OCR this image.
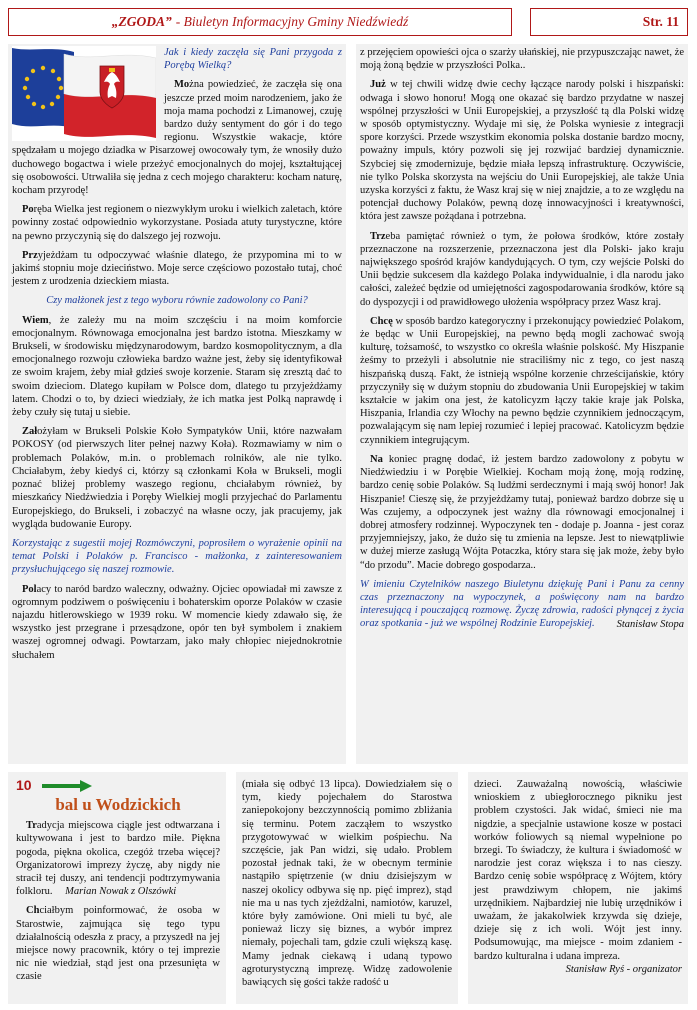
„ZGODA” - Biuletyn Informacyjny Gminy Niedźwiedź	Str. 11

Jak i kiedy zaczęła się Pani przygoda z Porębą Wielką?

Można powiedzieć, że zaczęła się ona jeszcze przed moim narodzeniem, jako że moja mama pochodzi z Limanowej, czuję bardzo duży sentyment do gór i do tego regionu. Wszystkie wakacje, które spędzałam u mojego dziadka w Pisarzowej owocowały tym, że wnosiły dużo duchowego bogactwa i wiele przeżyć emocjonalnych do mojej, kształtującej się osobowości. Utrwaliła się jedna z cech mojego charakteru: kocham naturę, kocham przyrodę!

Poręba Wielka jest regionem o niezwykłym uroku i wielkich zaletach, które powinny zostać odpowiednio wykorzystane. Posiada atuty turystyczne, które na pewno przyczynią się do dalszego jej rozwoju.

Przyjeżdżam tu odpoczywać właśnie dlatego, że przypomina mi to w jakimś stopniu moje dzieciństwo. Moje serce częściowo pozostało tutaj, choć jestem z urodzenia dzieckiem miasta.

Czy małżonek jest z tego wyboru równie zadowolony co Pani?

Wiem, że zależy mu na moim szczęściu i na moim komforcie emocjonalnym. Równowaga emocjonalna jest bardzo istotna. Mieszkamy w Brukseli, w środowisku międzynarodowym, bardzo kosmopolitycznym, a dla emocjonalnego rozwoju człowieka bardzo ważne jest, żeby się identyfikował ze swoim krajem, żeby miał gdzieś swoje korzenie. Staram się zresztą dać to swoim dzieciom. Dlatego kupiłam w Polsce dom, dlatego tu przyjeżdżamy latem. Chodzi o to, by dzieci wiedziały, że ich matka jest Polką naprawdę i żeby czuły się tutaj u siebie.

Założyłam w Brukseli Polskie Koło Sympatyków Unii, które nazwałam POKOSY (od pierwszych liter pełnej nazwy Koła). Rozmawiamy w nim o problemach Polaków, m.in. o problemach rolników, ale nie tylko. Chciałabym, żeby kiedyś ci, którzy są członkami Koła w Brukseli, mogli poznać bliżej problemy waszego regionu, chciałabym również, by mieszkańcy Niedźwiedzia i Poręby Wielkiej mogli przyjechać do Parlamentu Europejskiego, do Brukseli, i zobaczyć na własne oczy, jak pracujemy, jak wygląda budowanie Europy.

Korzystając z sugestii mojej Rozmówczyni, poprosiłem o wyrażenie opinii na temat Polski i Polaków p. Francisco - małżonka, z zainteresowaniem przysłuchującego się naszej rozmowie.

Polacy to naród bardzo waleczny, odważny. Ojciec opowiadał mi zawsze z ogromnym podziwem o poświęceniu i bohaterskim oporze Polaków w czasie najazdu hitlerowskiego w 1939 roku. W momencie kiedy zdawało się, że wszystko jest przegrane i przesądzone, opór ten był symbolem i znakiem waszej ogromnej odwagi. Powtarzam, jako mały chłopiec niejednokrotnie słuchałem

z przejęciem opowieści ojca o szarży ułańskiej, nie przypuszczając nawet, że moją żoną będzie w przyszłości Polka..

Już w tej chwili widzę dwie cechy łączące narody polski i hiszpański: odwaga i słowo honoru! Mogą one okazać się bardzo przydatne w naszej wspólnej przyszłości w Unii Europejskiej, a przyszłość tą dla Polski widzę w sposób optymistyczny. Wydaje mi się, że Polska wyniesie z integracji spore korzyści. Przede wszystkim ekonomia polska dostanie bardzo mocny, poważny impuls, który pozwoli się jej rozwijać bardziej dynamicznie. Szybciej się zmodernizuje, będzie miała lepszą infrastrukturę. Oczywiście, nie tylko Polska skorzysta na wejściu do Unii Europejskiej, ale także Unia uzyska korzyści z faktu, że Wasz kraj się w niej znajdzie, a to ze względu na potencjał duchowy Polaków, pewną dozę innowacyjności i kreatywności, która jest zawsze pożądana i potrzebna.

Trzeba pamiętać również o tym, że połowa środków, które zostały przeznaczone na rozszerzenie, przeznaczona jest dla Polski- jako kraju największego spośród krajów kandydujących. O tym, czy wejście Polski do Unii będzie sukcesem dla każdego Polaka indywidualnie, i dla narodu jako całości, zależeć będzie od umiejętności zagospodarowania środków, które są do dyspozycji i od prawidłowego ułożenia współpracy przez Wasz kraj.

Chcę w sposób bardzo kategoryczny i przekonujący powiedzieć Polakom, że będąc w Unii Europejskiej, na pewno będą mogli zachować swoją kulturę, tożsamość, to wszystko co określa właśnie polskość. My Hiszpanie żeśmy to przeżyli i absolutnie nie straciliśmy nic z tego, co jest naszą hiszpańską duszą. Fakt, że istnieją wspólne korzenie chrześcijańskie, który przyczyniły się w dużym stopniu do zbudowania Unii Europejskiej w takim kształcie w jakim ona jest, że katolicyzm łączy takie kraje jak Polska, Hiszpania, Irlandia czy Włochy na pewno będzie czynnikiem jednoczącym, pozwalającym się nam lepiej rozumieć i lepiej pracować. Katolicyzm będzie czynnikiem integrującym.

Na koniec pragnę dodać, iż jestem bardzo zadowolony z pobytu w Niedźwiedziu i w Porębie Wielkiej. Kocham moją żonę, moją rodzinę, bardzo cenię sobie Polaków. Są ludźmi serdecznymi i mają swój honor! Jak Hiszpanie! Cieszę się, że przyjeżdżamy tutaj, ponieważ bardzo dobrze się u Was czujemy, a odpoczynek jest ważny dla równowagi emocjonalnej i dobrej atmosfery rodzinnej. Wypoczynek ten - dodaje p. Joanna - jest coraz przyjemniejszy, jako, że dużo się tu zmienia na lepsze. Jest to niewątpliwie w dużej mierze zasługą Wójta Potaczka, który stara się jak może, żeby było “do przodu”. Macie dobrego gospodarza..

W imieniu Czytelników naszego Biuletynu dziękuję Pani i Panu za cenny czas przeznaczony na wypoczynek, a poświęcony nam na bardzo interesującą i pouczającą rozmowę. Życzę zdrowia, radości płynącej z życia oraz spotkania - już we wspólnej Rodzinie Europejskiej.	Stanisław Stopa
10
bal u Wodzickich

Tradycja miejscowa ciągle jest odtwarzana i kultywowana i jest to bardzo miłe. Piękna pogoda, piękna okolica, czegóż trzeba więcej? Organizatorowi imprezy życzę, aby nigdy nie stracił tej duszy, ani tendencji podtrzymywania folkloru. Marian Nowak z Olszówki

Chciałbym poinformować, że osoba w Starostwie, zajmująca się tego typu działalnością odeszła z pracy, a przyszedł na jej miejsce nowy pracownik, który o tej imprezie nic nie wiedział, stąd jest ona przesunięta w czasie

(miała się odbyć 13 lipca). Dowiedziałem się o tym, kiedy pojechałem do Starostwa zaniepokojony bezczynnością pomimo zbliżania się terminu. Potem zacząłem to wszystko przygotowywać w wielkim pośpiechu. Na szczęście, jak Pan widzi, się udało. Problem pozostał jednak taki, że w obecnym terminie nastąpiło spiętrzenie (w dniu dzisiejszym w naszej okolicy odbywa się np. pięć imprez), stąd nie ma u nas tych zjeżdżalni, namiotów, karuzel, które były zamówione. Oni mieli tu być, ale ponieważ liczy się biznes, a wybór imprez niemały, pojechali tam, gdzie czuli większą kasę. Mamy jednak ciekawą i udaną typowo agroturystyczną imprezę. Widzę zadowolenie bawiących się gości także radość u

dzieci. Zauważalną nowością, właściwie wnioskiem z ubiegłorocznego pikniku jest problem czystości. Jak widać, śmieci nie ma nigdzie, a specjalnie ustawione kosze w postaci worków foliowych są niemal wypełnione po brzegi. To świadczy, że kultura i świadomość w narodzie jest coraz większa i to nas cieszy. Bardzo cenię sobie współpracę z Wójtem, który jest prawdziwym chłopem, nie jakimś urzędnikiem. Najbardziej nie lubię urzędników i uważam, że jakakolwiek krzywda się dzieje, dzieje się z ich woli. Wójt jest inny. Podsumowując, ma miejsce - moim zdaniem - bardzo kulturalna i udana impreza.

Stanisław Ryś - organizator
